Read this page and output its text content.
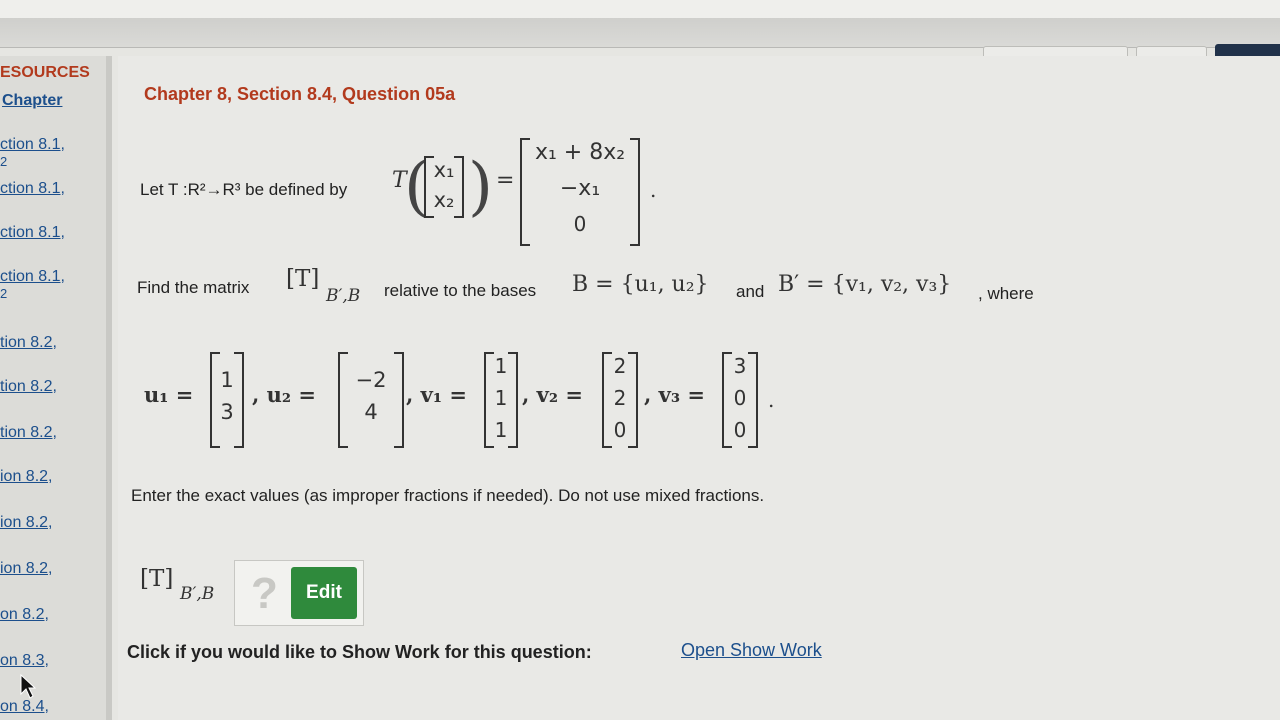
ESOURCES
Chapter
ction 8.1,
2
ction 8.1,
ction 8.1,
ction 8.1,
2
tion 8.2,
tion 8.2,
tion 8.2,
ion 8.2,
ion 8.2,
ion 8.2,
on 8.2,
on 8.3,
on 8.4,
Chapter 8, Section 8.4, Question 05a
Let T :R²→R³ be defined by T
( x₁
x₂ ) =
x₁ + 8x₂
−x₁
0
.
Find the matrix [T]
B′,B relative to the bases B = {u₁, u₂} and B′ = {v₁, v₂, v₃} , where
u₁ =
1
3
, u₂ =
−2
4
, v₁ =
1
1
1
, v₂ =
2
2
0
, v₃ =
3
0
0
.
Enter the exact values (as improper fractions if needed). Do not use mixed fractions.
[T]
B′,B ?	Edit
Click if you would like to Show Work for this question:	Open Show Work
